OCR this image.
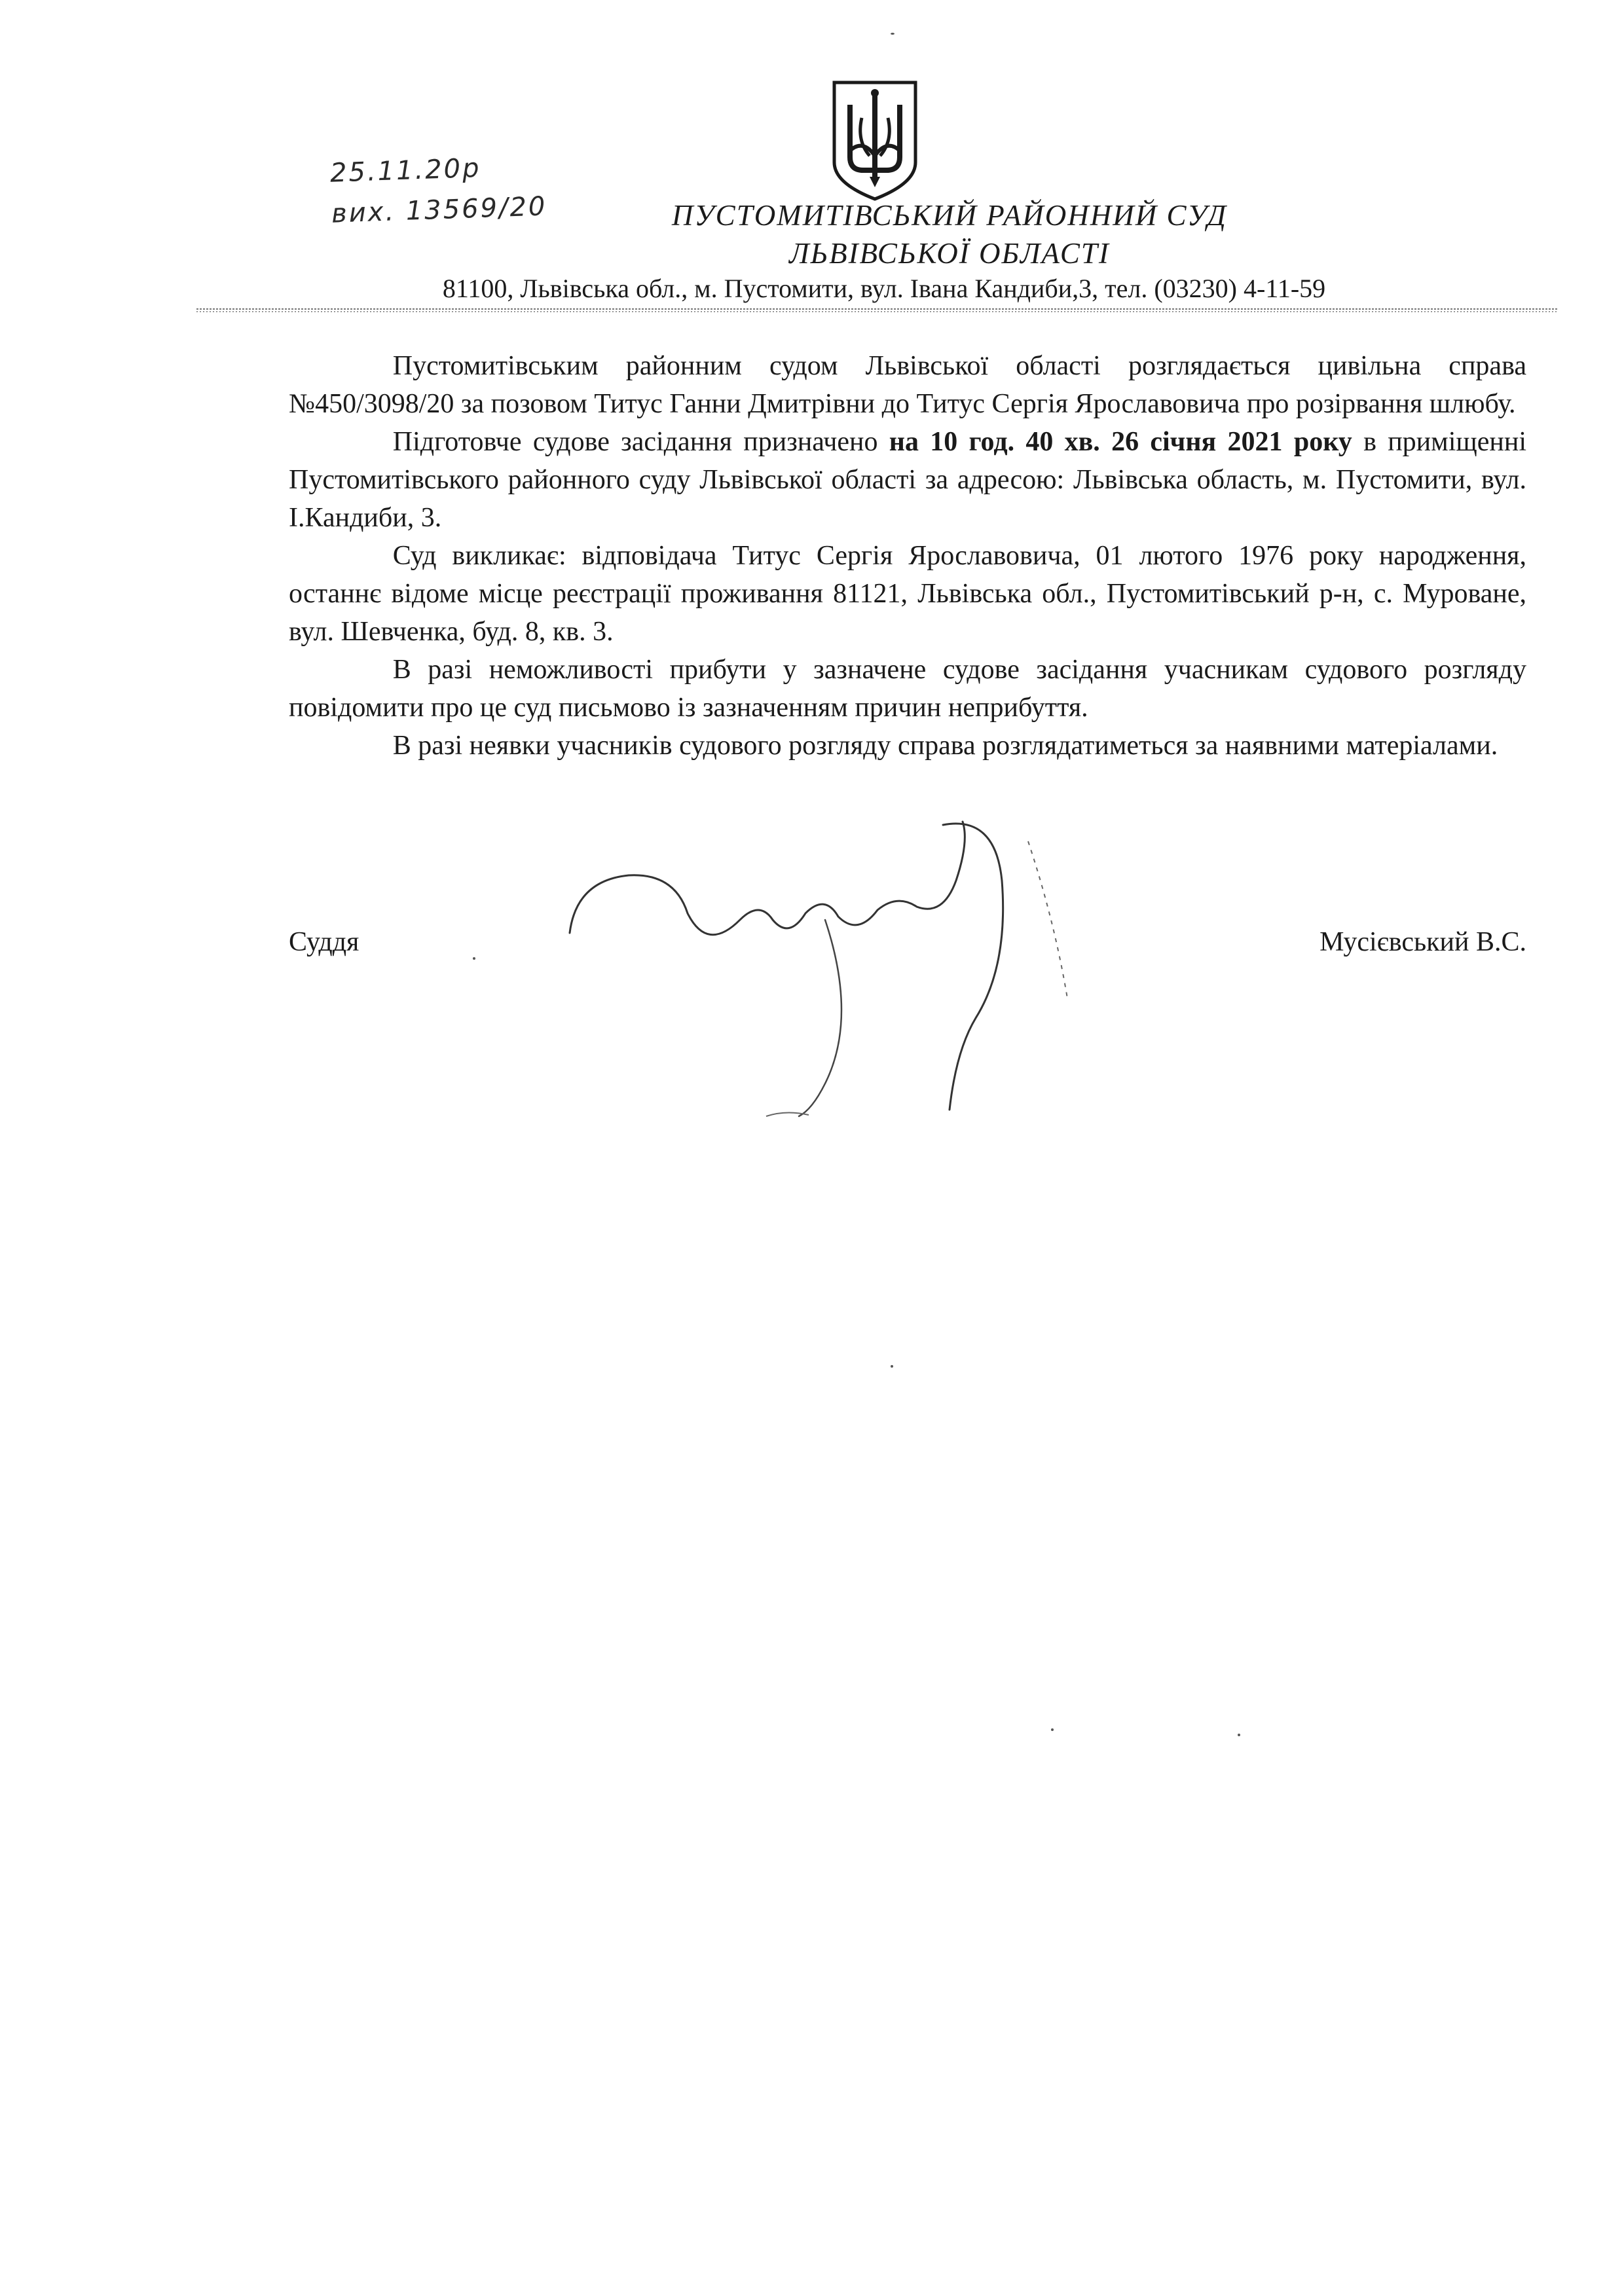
25.11.20р
вих. 13569/20	ПУСТОМИТІВСЬКИЙ РАЙОННИЙ СУД
ЛЬВІВСЬКОЇ ОБЛАСТІ
81100, Львівська обл., м. Пустомити, вул. Івана Кандиби,3, тел. (03230) 4-11-59

Пустомитівським районним судом Львівської області розглядається цивільна справа №450/3098/20 за позовом Титус Ганни Дмитрівни до Титус Сергія Ярославовича про розірвання шлюбу.

Підготовче судове засідання призначено на 10 год. 40 хв. 26 січня 2021 року в приміщенні Пустомитівського районного суду Львівської області за адресою: Львівська область, м. Пустомити, вул. І.Кандиби, 3.

Суд викликає: відповідача Титус Сергія Ярославовича, 01 лютого 1976 року народження, останнє відоме місце реєстрації проживання 81121, Львівська обл., Пустомитівський р-н, с. Муроване, вул. Шевченка, буд. 8, кв. 3.

В разі неможливості прибути у зазначене судове засідання учасникам судового розгляду повідомити про це суд письмово із зазначенням причин неприбуття.

В разі неявки учасників судового розгляду справа розглядатиметься за наявними матеріалами.

Суддя	Мусієвський В.С.
